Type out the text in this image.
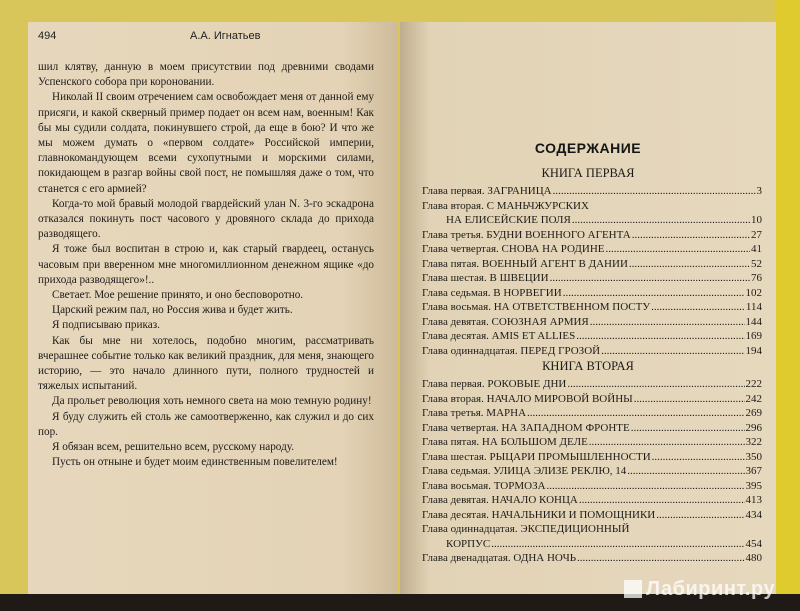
494	А.А. Игнатьев

шил клятву, данную в моем присутствии под древними сводами Успенского собора при короновании.

Николай II своим отречением сам освобождает меня от данной ему присяги, и какой скверный пример подает он всем нам, военным! Как бы мы судили солдата, покинувшего строй, да еще в бою? И что же мы можем думать о «первом солдате» Российской империи, главнокомандующем всеми сухопутными и морскими силами, покидающем в разгар войны свой пост, не помышляя даже о том, что станется с его армией?

Когда-то мой бравый молодой гвардейский улан N. 3-го эскадрона отказался покинуть пост часового у дровяного склада до прихода разводящего.

Я тоже был воспитан в строю и, как старый гвардеец, останусь часовым при вверенном мне многомиллионном денежном ящике «до прихода разводящего»!..

Светает. Мое решение принято, и оно бесповоротно.

Царский режим пал, но Россия жива и будет жить.

Я подписываю приказ.

Как бы мне ни хотелось, подобно многим, рассматривать вчерашнее событие только как великий праздник, для меня, знающего историю, — это начало длинного пути, полного трудностей и тяжелых испытаний.

Да прольет революция хоть немного света на мою темную родину!

Я буду служить ей столь же самоотверженно, как служил и до сих пор.

Я обязан всем, решительно всем, русскому народу.

Пусть он отныне и будет моим единственным повелителем!

СОДЕРЖАНИЕ
КНИГА ПЕРВАЯ
Глава первая. ЗАГРАНИЦА .....	3
Глава вторая. С МАНЬЧЖУРСКИХ
НА ЕЛИСЕЙСКИЕ ПОЛЯ .....	10
Глава третья. БУДНИ ВОЕННОГО АГЕНТА .....	27
Глава четвертая. СНОВА НА РОДИНЕ .....	41
Глава пятая. ВОЕННЫЙ АГЕНТ В ДАНИИ .....	52
Глава шестая. В ШВЕЦИИ .....	76
Глава седьмая. В НОРВЕГИИ .....	102
Глава восьмая. НА ОТВЕТСТВЕННОМ ПОСТУ .....	114
Глава девятая. СОЮЗНАЯ АРМИЯ .....	144
Глава десятая. AMIS ET ALLIES .....	169
Глава одиннадцатая. ПЕРЕД ГРОЗОЙ .....	194
КНИГА ВТОРАЯ
Глава первая. РОКОВЫЕ ДНИ .....	222
Глава вторая. НАЧАЛО МИРОВОЙ ВОЙНЫ .....	242
Глава третья. МАРНА .....	269
Глава четвертая. НА ЗАПАДНОМ ФРОНТЕ .....	296
Глава пятая. НА БОЛЬШОМ ДЕЛЕ .....	322
Глава шестая. РЫЦАРИ ПРОМЫШЛЕННОСТИ .....	350
Глава седьмая. УЛИЦА ЭЛИЗЕ РЕКЛЮ, 14 .....	367
Глава восьмая. ТОРМОЗА .....	395
Глава девятая. НАЧАЛО КОНЦА .....	413
Глава десятая. НАЧАЛЬНИКИ И ПОМОЩНИКИ .....	434
Глава одиннадцатая. ЭКСПЕДИЦИОННЫЙ
КОРПУС .....	454
Глава двенадцатая. ОДНА НОЧЬ .....	480
Лабиринт.ру
